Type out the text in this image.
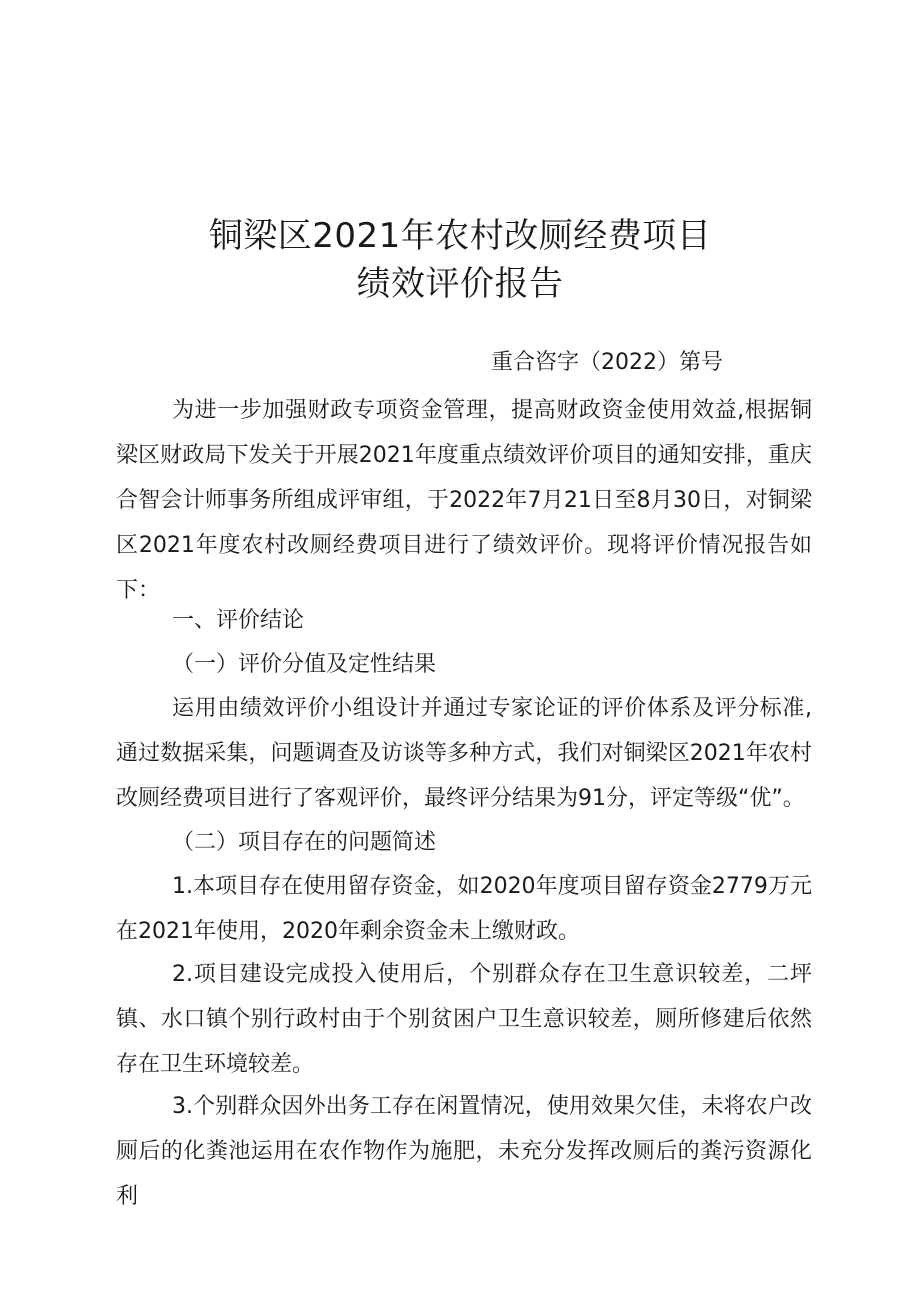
铜梁区2021年农村改厕经费项目
绩效评价报告
重合咨字（2022）第号

为进一步加强财政专项资金管理，提高财政资金使用效益,根据铜梁区财政局下发关于开展2021年度重点绩效评价项目的通知安排，重庆合智会计师事务所组成评审组，于2022年7月21日至8月30日，对铜梁区2021年度农村改厕经费项目进行了绩效评价。现将评价情况报告如下：

一、评价结论
（一）评价分值及定性结果

运用由绩效评价小组设计并通过专家论证的评价体系及评分标准,通过数据采集，问题调查及访谈等多种方式，我们对铜梁区2021年农村改厕经费项目进行了客观评价，最终评分结果为91分，评定等级“优”。

（二）项目存在的问题简述

1.本项目存在使用留存资金，如2020年度项目留存资金2779万元在2021年使用，2020年剩余资金未上缴财政。

2.项目建设完成投入使用后，个别群众存在卫生意识较差，二坪镇、水口镇个别行政村由于个别贫困户卫生意识较差，厕所修建后依然存在卫生环境较差。

3.个别群众因外出务工存在闲置情况，使用效果欠佳，未将农户改厕后的化粪池运用在农作物作为施肥，未充分发挥改厕后的粪污资源化利
